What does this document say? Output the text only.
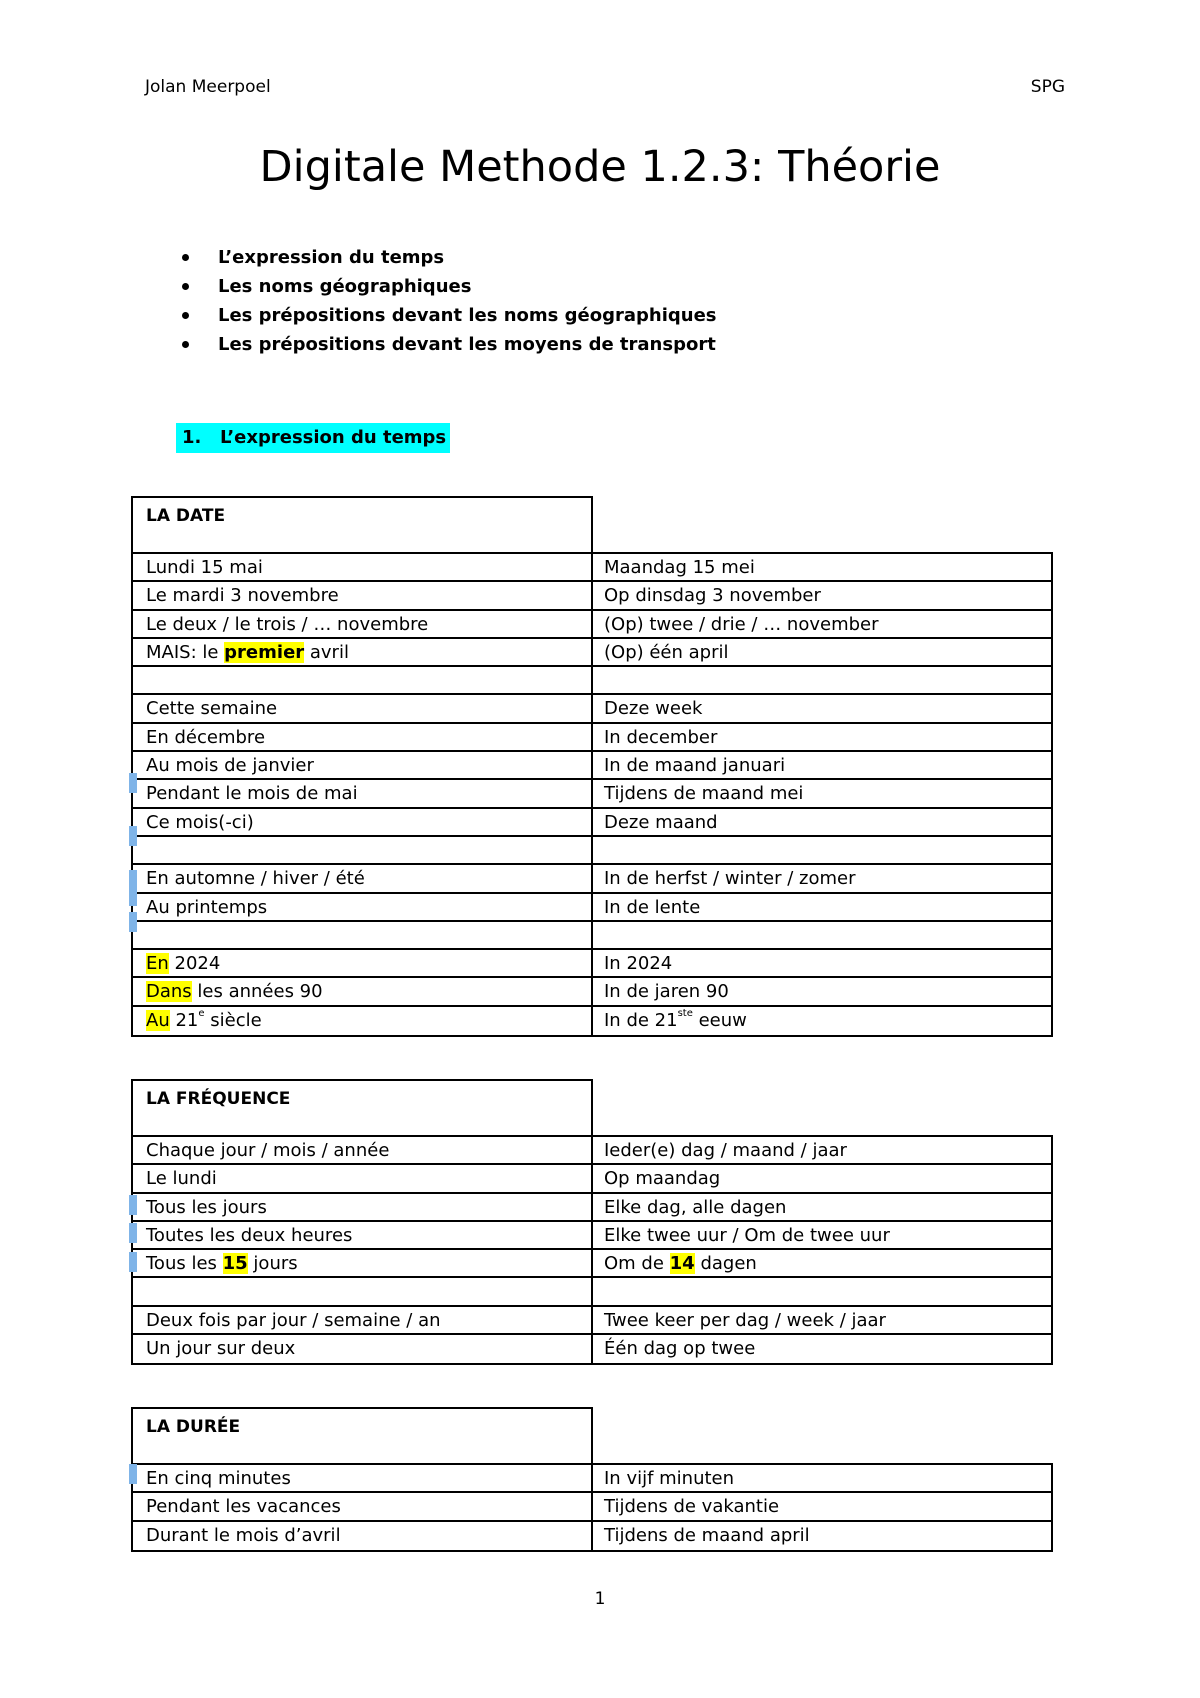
Jolan Meerpoel	SPG
Digitale Methode 1.2.3: Théorie
L’expression du temps
Les noms géographiques
Les prépositions devant les noms géographiques
Les prépositions devant les moyens de transport
1. L’expression du temps
LA DATE
Lundi 15 mai	Maandag 15 mei
Le mardi 3 novembre	Op dinsdag 3 november
Le deux / le trois / … novembre	(Op) twee / drie / … november
MAIS: le premier avril	(Op) één april
Cette semaine	Deze week
En décembre	In december
Au mois de janvier	In de maand januari
Pendant le mois de mai	Tijdens de maand mei
Ce mois(-ci)	Deze maand
En automne / hiver / été	In de herfst / winter / zomer
Au printemps	In de lente
En 2024	In 2024
Dans les années 90	In de jaren 90
Au 21e siècle	In de 21ste eeuw
LA FRÉQUENCE
Chaque jour / mois / année	Ieder(e) dag / maand / jaar
Le lundi	Op maandag
Tous les jours	Elke dag, alle dagen
Toutes les deux heures	Elke twee uur / Om de twee uur
Tous les 15 jours	Om de 14 dagen
Deux fois par jour / semaine / an	Twee keer per dag / week / jaar
Un jour sur deux	Één dag op twee
LA DURÉE
En cinq minutes	In vijf minuten
Pendant les vacances	Tijdens de vakantie
Durant le mois d’avril	Tijdens de maand april
1
